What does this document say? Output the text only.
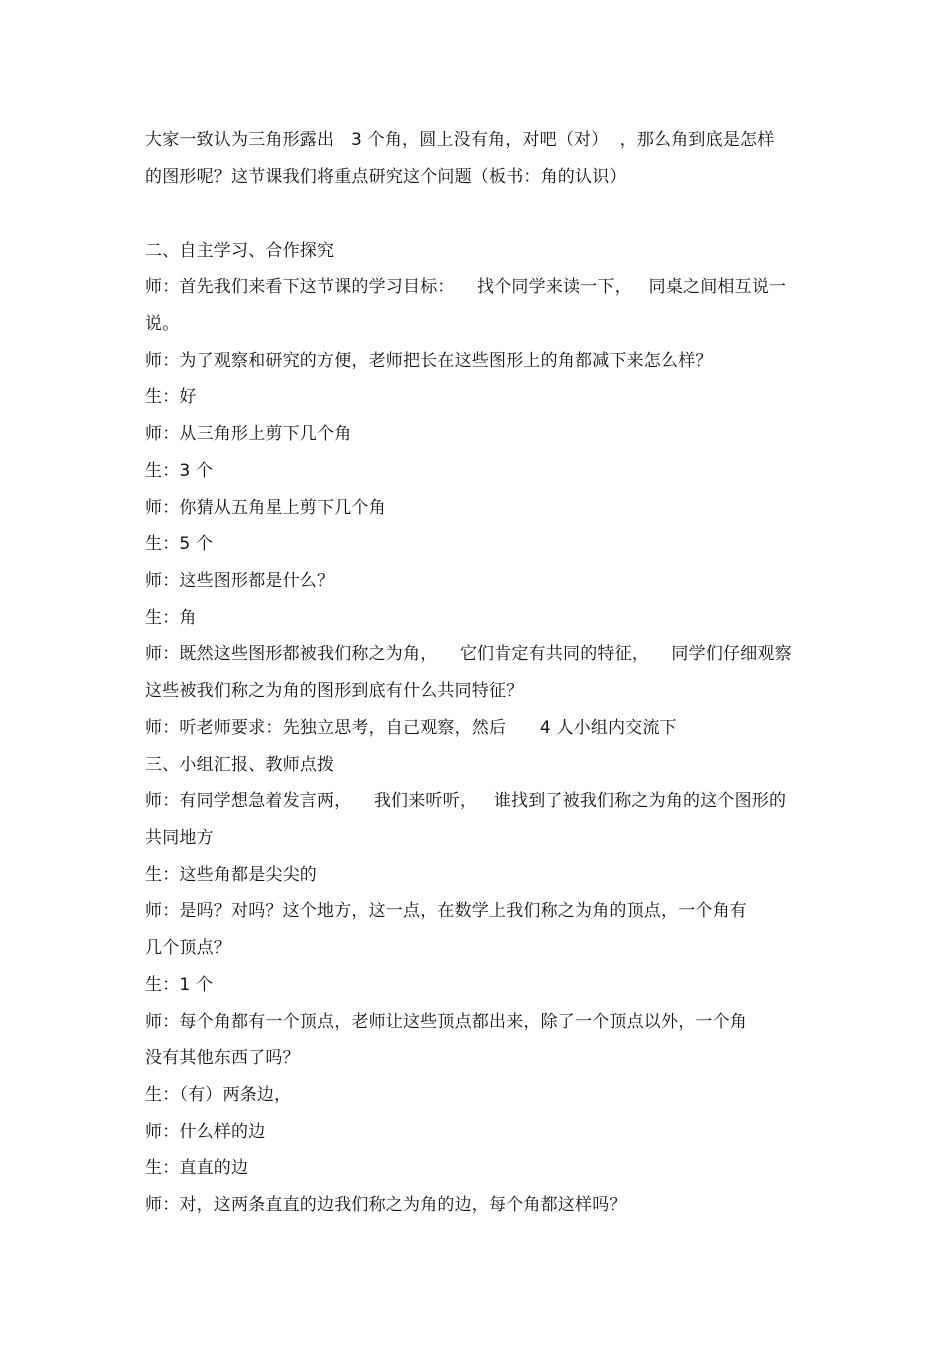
大家一致认为三角形露出   3 个角，圆上没有角，对吧（对）  ，那么角到底是怎样
的图形呢？这节课我们将重点研究这个问题（板书：角的认识）
二、自主学习、合作探究
师：首先我们来看下这节课的学习目标：    找个同学来读一下，   同桌之间相互说一
说。
师：为了观察和研究的方便，老师把长在这些图形上的角都减下来怎么样？
生：好
师：从三角形上剪下几个角
生：3 个
师：你猜从五角星上剪下几个角
生：5 个
师：这些图形都是什么？
生：角
师：既然这些图形都被我们称之为角，    它们肯定有共同的特征，    同学们仔细观察
这些被我们称之为角的图形到底有什么共同特征？
师：听老师要求：先独立思考，自己观察，然后      4 人小组内交流下
三、小组汇报、教师点拨
师：有同学想急着发言两，    我们来听听，   谁找到了被我们称之为角的这个图形的
共同地方
生：这些角都是尖尖的
师：是吗？对吗？这个地方，这一点，在数学上我们称之为角的顶点，一个角有
几个顶点？
生：1 个
师：每个角都有一个顶点，老师让这些顶点都出来，除了一个顶点以外，一个角
没有其他东西了吗？
生：（有）两条边，
师：什么样的边
生：直直的边
师：对，这两条直直的边我们称之为角的边，每个角都这样吗？
